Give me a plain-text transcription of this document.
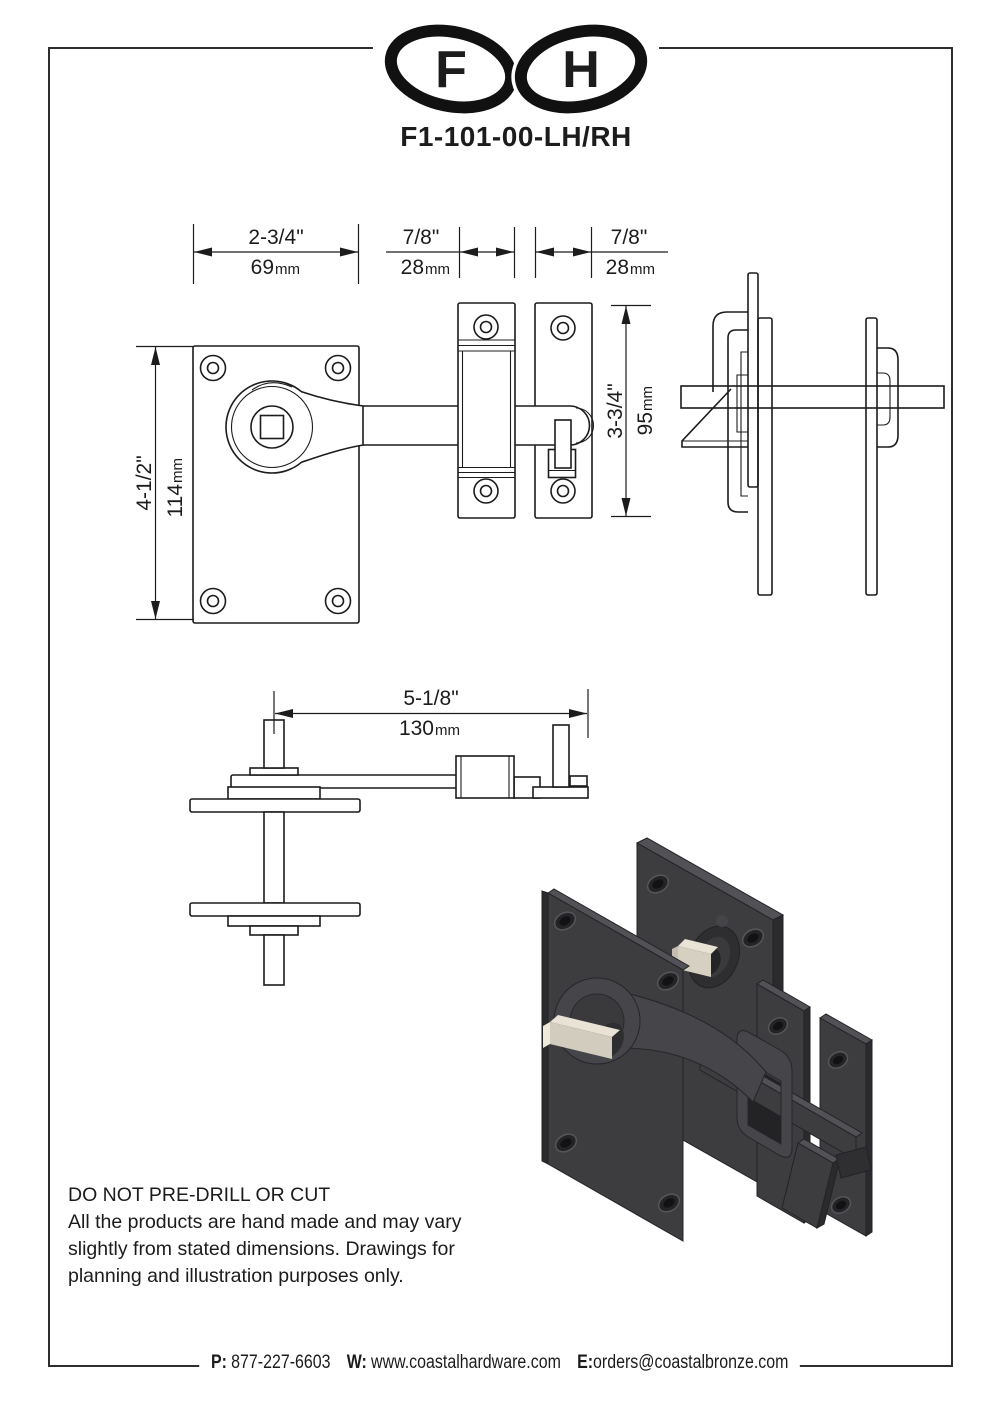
F H
F1-101-00-LH/RH
2-3/4"
69 mm
7/8"
28 mm
7/8"
28 mm
4-1/2" 114
mm
3-3/4" 95
mm
5-1/8"
130 mm
DO NOT PRE-DRILL OR CUT
All the products are hand made and may vary
slightly from stated dimensions. Drawings for
planning and illustration purposes only.
P: 877-227-6603 W: www.coastalhardware.com E:orders@coastalbronze.com
